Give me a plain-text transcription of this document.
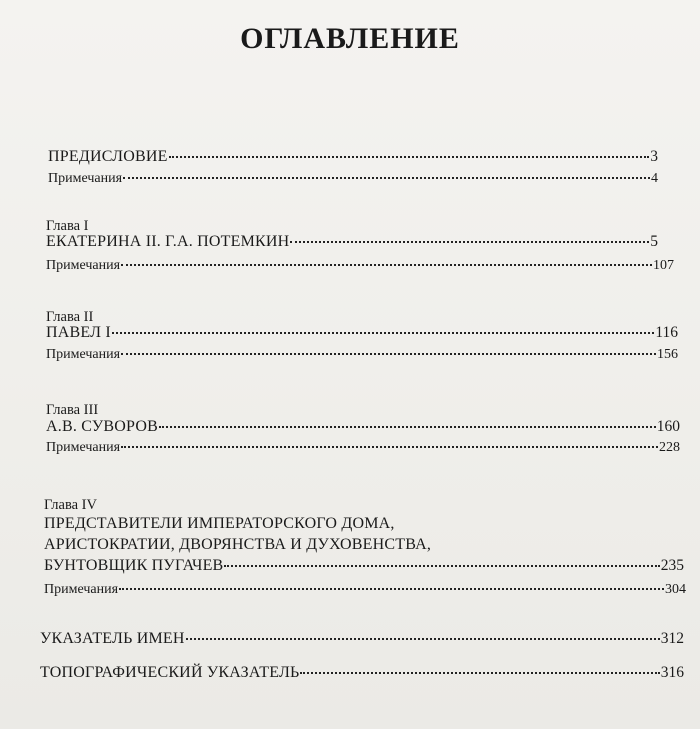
ОГЛАВЛЕНИЕ
ПРЕДИСЛОВИЕ	3
Примечания	4
Глава I
ЕКАТЕРИНА II. Г.А. ПОТЕМКИН	5
Примечания	107
Глава II
ПАВЕЛ I	116
Примечания	156
Глава III
А.В. СУВОРОВ	160
Примечания	228
Глава IV
ПРЕДСТАВИТЕЛИ ИМПЕРАТОРСКОГО ДОМА,
АРИСТОКРАТИИ, ДВОРЯНСТВА И ДУХОВЕНСТВА,
БУНТОВЩИК ПУГАЧЕВ	235
Примечания	304
УКАЗАТЕЛЬ ИМЕН	312
ТОПОГРАФИЧЕСКИЙ УКАЗАТЕЛЬ	316
